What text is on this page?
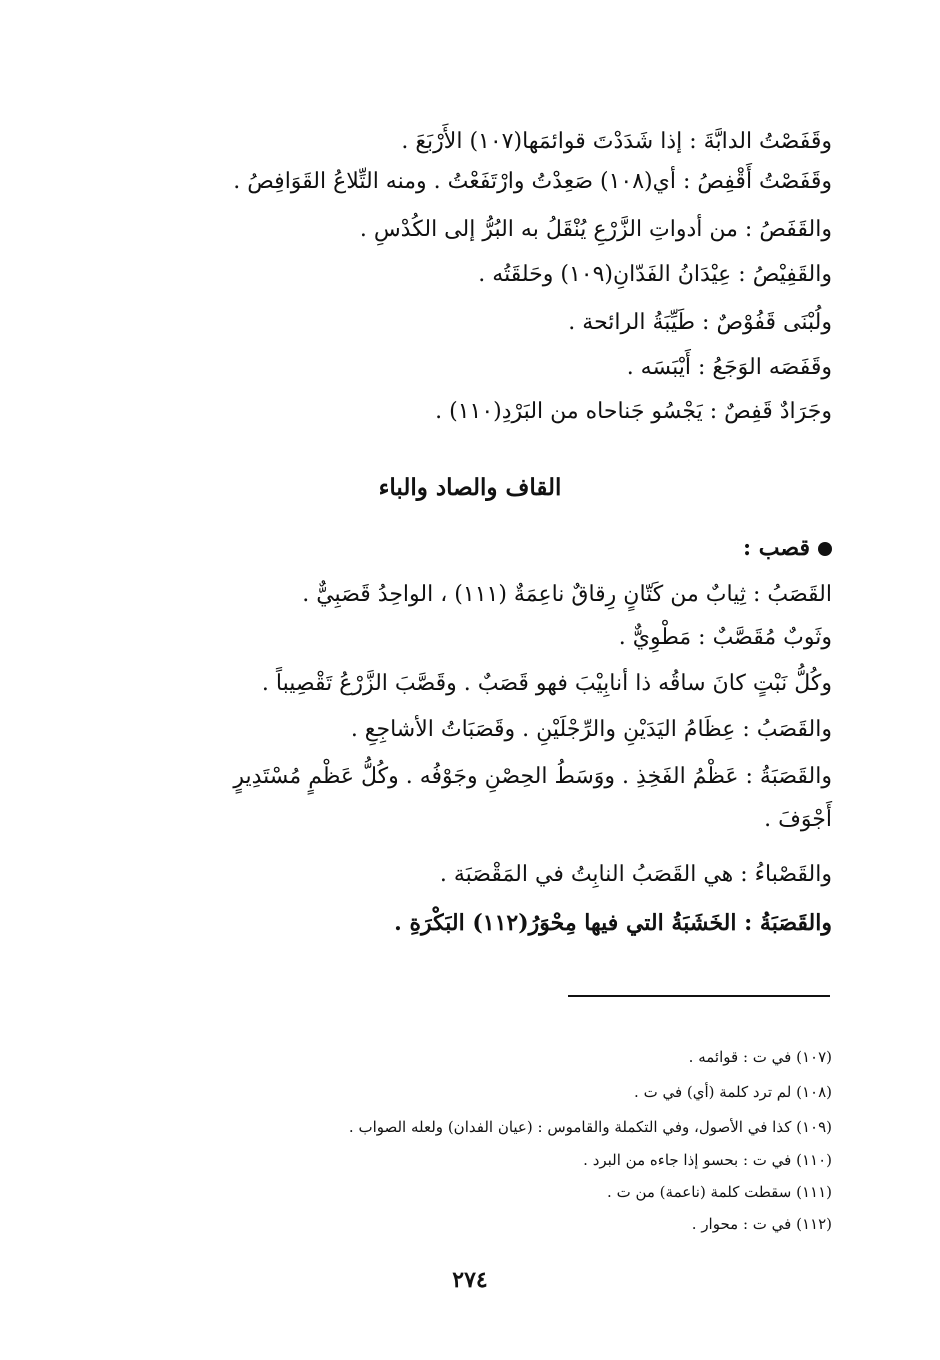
وقَفَصْتُ الدابَّةَ : إذا شَدَدْتَ قوائمَها(١٠٧) الأَرْبَعَ .
وقَفَصْتُ أَقْفِصُ : أي(١٠٨) صَعِدْتُ وارْتَفَعْتُ . ومنه التِّلاعُ القَوَافِصُ .
والقَفَصُ : من أدواتِ الزَّرْعِ يُنْقَلُ به البُرُّ إلى الكُدْسِ .
والقَفِيْصُ : عِيْدَانُ الفَدّانِ(١٠٩) وحَلقَتُه .
ولُبْنَى قَفُوْصٌ : طَيِّبَةُ الرائحة .
وقَفَصَه الوَجَعُ : أَيْبَسَه .
وجَرَادٌ قَفِصٌ : يَجْسُو جَناحاه من البَرْدِ(١١٠) .
القاف والصاد والباء
قصب :
القَصَبُ : ثِيابٌ من كَتّانٍ رِقاقٌ ناعِمَةٌ (١١١) ، الواحِدُ قَصَبِيٌّ .
وثَوبٌ مُقَصَّبٌ : مَطْوِيٌّ .
وكُلُّ نَبْتٍ كانَ ساقُه ذا أنابِيْبَ فهو قَصَبٌ . وقَصَّبَ الزَّرْعُ تَقْصِيباً .
والقَصَبُ : عِظَامُ اليَدَيْنِ والرِّجْلَيْنِ . وقَصَبَاتُ الأشاجِعِ .
والقَصَبَةُ : عَظْمُ الفَخِذِ . ووَسَطُ الحِصْنِ وجَوْفُه . وكُلُّ عَظْمٍ مُسْتَدِيرٍ
أَجْوَفَ .
والقَصْباءُ : هي القَصَبُ النابِتُ في المَقْصَبَة .
والقَصَبَةُ : الخَشَبَةُ التي فيها مِحْوَرُ(١١٢) البَكْرَةِ .
(١٠٧) في ت : قوائمه .
(١٠٨) لم ترد كلمة (أي) في ت .
(١٠٩) كذا في الأصول، وفي التكملة والقاموس : (عيان الفدان) ولعله الصواب .
(١١٠) في ت : بحسو إذا جاءه من البرد .
(١١١) سقطت كلمة (ناعمة) من ت .
(١١٢) في ت : محوار .
٢٧٤
